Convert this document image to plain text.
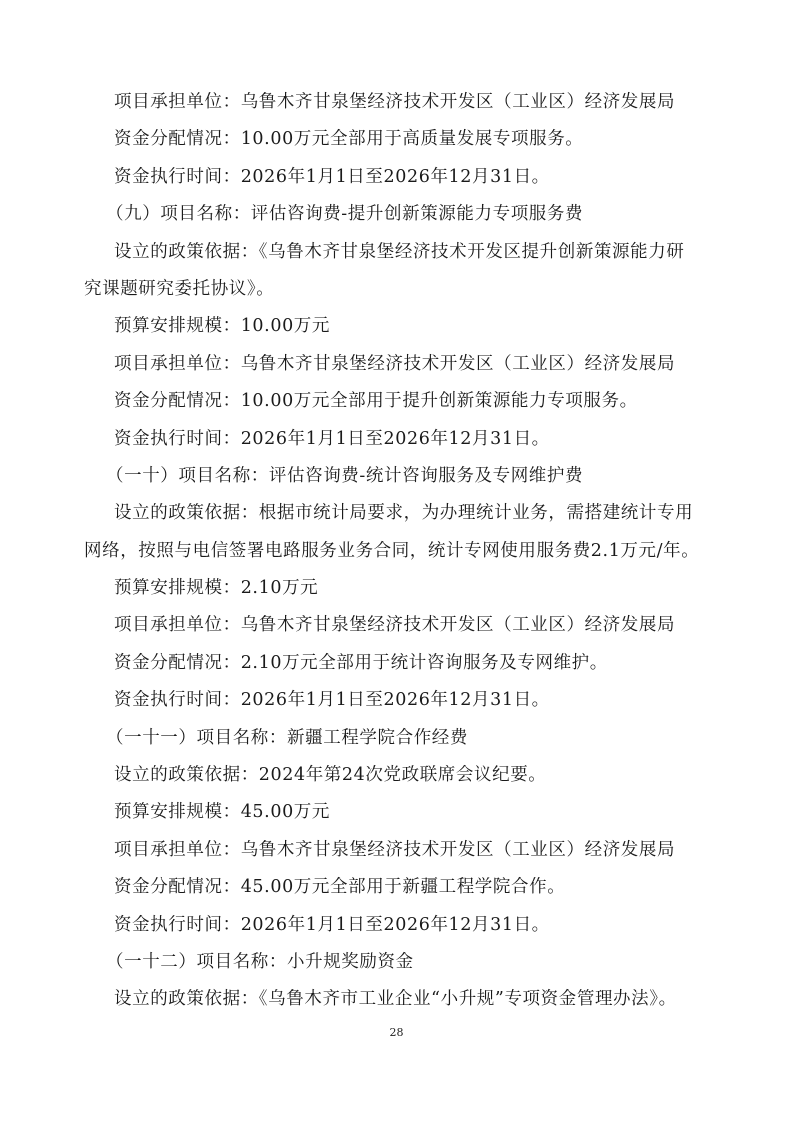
项目承担单位：乌鲁木齐甘泉堡经济技术开发区（工业区）经济发展局

资金分配情况：10.00万元全部用于高质量发展专项服务。

资金执行时间：2026年1月1日至2026年12月31日。

（九）项目名称：评估咨询费-提升创新策源能力专项服务费

设立的政策依据：《乌鲁木齐甘泉堡经济技术开发区提升创新策源能力研

究课题研究委托协议》。

预算安排规模：10.00万元

项目承担单位：乌鲁木齐甘泉堡经济技术开发区（工业区）经济发展局

资金分配情况：10.00万元全部用于提升创新策源能力专项服务。

资金执行时间：2026年1月1日至2026年12月31日。

（一十）项目名称：评估咨询费-统计咨询服务及专网维护费

设立的政策依据：根据市统计局要求，为办理统计业务，需搭建统计专用

网络，按照与电信签署电路服务业务合同，统计专网使用服务费2.1万元/年。

预算安排规模：2.10万元

项目承担单位：乌鲁木齐甘泉堡经济技术开发区（工业区）经济发展局

资金分配情况：2.10万元全部用于统计咨询服务及专网维护。

资金执行时间：2026年1月1日至2026年12月31日。

（一十一）项目名称：新疆工程学院合作经费

设立的政策依据：2024年第24次党政联席会议纪要。

预算安排规模：45.00万元

项目承担单位：乌鲁木齐甘泉堡经济技术开发区（工业区）经济发展局

资金分配情况：45.00万元全部用于新疆工程学院合作。

资金执行时间：2026年1月1日至2026年12月31日。

（一十二）项目名称：小升规奖励资金

设立的政策依据：《乌鲁木齐市工业企业“小升规”专项资金管理办法》。

28
